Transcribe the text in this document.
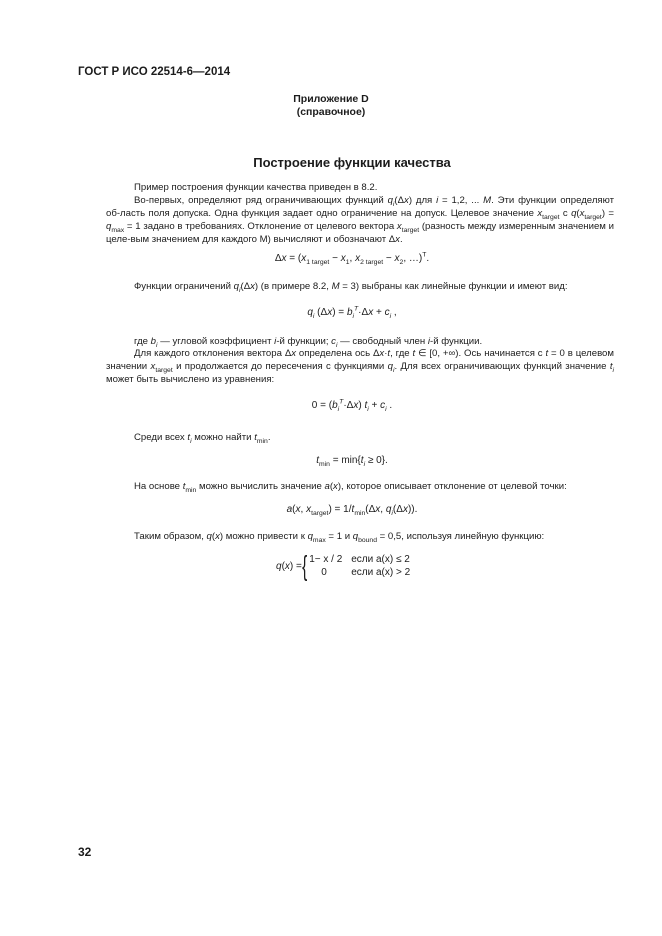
ГОСТ Р ИСО 22514-6—2014
Приложение D
(справочное)
Построение функции качества
Пример построения функции качества приведен в 8.2.
Во-первых, определяют ряд ограничивающих функций $q_i(\Delta x)$ для i = 1,2, ... M. Эти функции определяют об-ласть поля допуска. Одна функция задает одно ограничение на допуск. Целевое значение $x_{target}$ с $q(x_{target}) = q_{max} = 1$ задано в требованиях. Отклонение от целевого вектора $x_{target}$ (разность между измеренным значением и целе-вым значением для каждого М) вычисляют и обозначают Δx.
$\Delta x = (x_{1 target} - x_1$, $x_{2 target} - x_2$, …)$^T$.
Функции ограничений $q_i(\Delta x)$ (в примере 8.2, M = 3) выбраны как линейные функции и имеют вид:
$q_i$ $(\Delta x) = b_i^T\cdot\Delta x + c_i$ ,
где $b_i$ — угловой коэффициент i-й функции; $c_i$ — свободный член i-й функции.
Для каждого отклонения вектора Δx определена ось Δx·t, где t ∈ [0, +∞). Ось начинается с t = 0 в целевом значении $x_{target}$ и продолжается до пересечения с функциями $q_i$. Для всех ограничивающих функций значение $t_i$ может быть вычислено из уравнения:
$0 = (b_i^T\cdot\Delta x) t_i + c_i$ .
Среди всех $t_i$ можно найти $t_{min}$.
$t_{min} = \min\{t_i \ge 0\}$.
На основе $t_{min}$ можно вычислить значение a(x), которое описывает отклонение от целевой точки:
a(x, $x_{target}) = 1/t_{min}(\Delta x$, $q_i(\Delta x)$).
Таким образом, q(x) можно привести к $q_{max} = 1$ и $q_{bound} = 0,5$, используя линейную функцию:
q(x) = { 1− x / 2 если a(x) ≤ 2
0	если a(x) > 2
32
